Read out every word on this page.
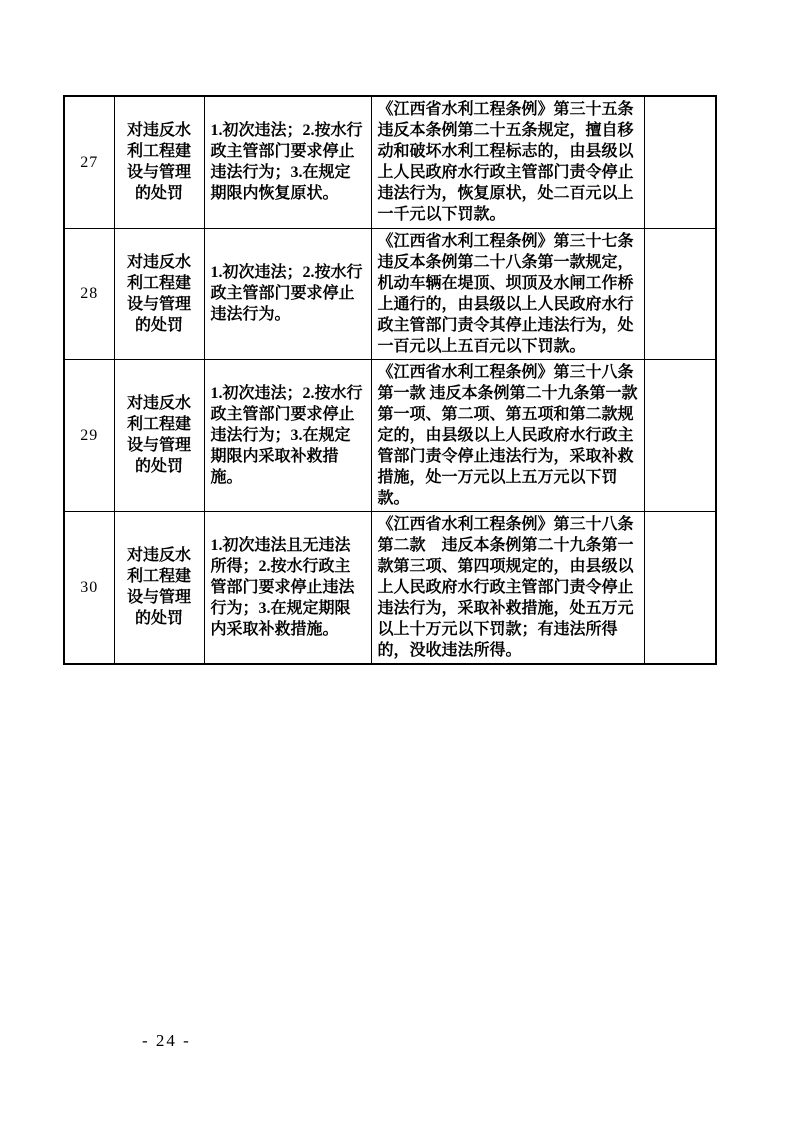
27	对违反水利工程建设与管理的处罚	1.初次违法；2.按水行政主管部门要求停止违法行为；3.在规定期限内恢复原状。	《江西省水利工程条例》第三十五条违反本条例第二十五条规定，擅自移动和破坏水利工程标志的，由县级以上人民政府水行政主管部门责令停止违法行为，恢复原状，处二百元以上一千元以下罚款。	
28	对违反水利工程建设与管理的处罚	1.初次违法；2.按水行政主管部门要求停止违法行为。	《江西省水利工程条例》第三十七条违反本条例第二十八条第一款规定，机动车辆在堤顶、坝顶及水闸工作桥上通行的，由县级以上人民政府水行政主管部门责令其停止违法行为，处一百元以上五百元以下罚款。	
29	对违反水利工程建设与管理的处罚	1.初次违法；2.按水行政主管部门要求停止违法行为；3.在规定期限内采取补救措施。	《江西省水利工程条例》第三十八条第一款 违反本条例第二十九条第一款第一项、第二项、第五项和第二款规定的，由县级以上人民政府水行政主管部门责令停止违法行为，采取补救措施，处一万元以上五万元以下罚款。	
30	对违反水利工程建设与管理的处罚	1.初次违法且无违法所得；2.按水行政主管部门要求停止违法行为；3.在规定期限内采取补救措施。	《江西省水利工程条例》第三十八条第二款　违反本条例第二十九条第一款第三项、第四项规定的，由县级以上人民政府水行政主管部门责令停止违法行为，采取补救措施，处五万元以上十万元以下罚款；有违法所得的，没收违法所得。	
- 24 -
